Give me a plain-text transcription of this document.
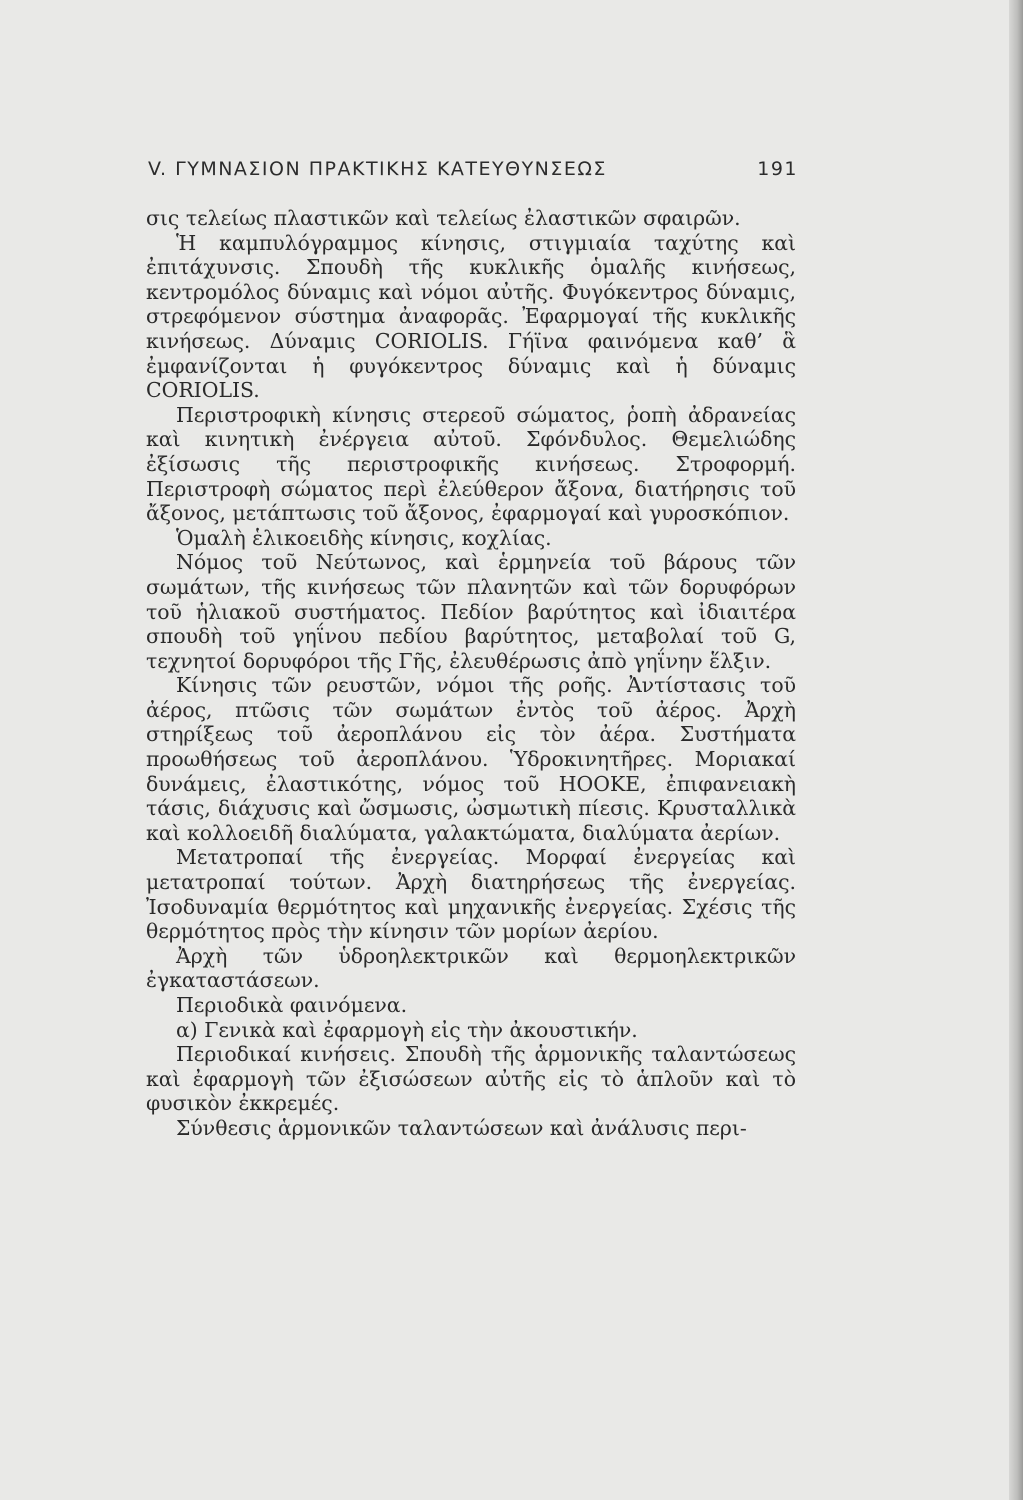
V. ΓΥΜΝΑΣΙΟΝ ΠΡΑΚΤΙΚΗΣ ΚΑΤΕΥΘΥΝΣΕΩΣ	191

σις τελείως πλαστικῶν καὶ τελείως ἐλαστικῶν σφαιρῶν.

Ἡ καμπυλόγραμμος κίνησις, στιγμιαία ταχύτης καὶ ἐπιτάχυνσις. Σπουδὴ τῆς κυκλικῆς ὁμαλῆς κινήσεως, κεντρομόλος δύναμις καὶ νόμοι αὐτῆς. Φυγόκεντρος δύναμις, στρεφόμενον σύστημα ἀναφορᾶς. Ἐφαρμογαί τῆς κυκλικῆς κινήσεως. Δύναμις CORIOLIS. Γήϊνα φαινόμενα καθ’ ἃ ἐμφανίζονται ἡ φυγόκεντρος δύναμις καὶ ἡ δύναμις CORIOLIS.

Περιστροφικὴ κίνησις στερεοῦ σώματος, ῥοπὴ ἀδρανείας καὶ κινητικὴ ἐνέργεια αὐτοῦ. Σφόνδυλος. Θεμελιώδης ἐξίσωσις τῆς περιστροφικῆς κινήσεως. Στροφορμή. Περιστροφὴ σώματος περὶ ἐλεύθερον ἄξονα, διατήρησις τοῦ ἄξονος, μετάπτωσις τοῦ ἄξονος, ἐφαρμογαί καὶ γυροσκόπιον.

Ὁμαλὴ ἑλικοειδὴς κίνησις, κοχλίας.

Νόμος τοῦ Νεύτωνος, καὶ ἑρμηνεία τοῦ βάρους τῶν σωμάτων, τῆς κινήσεως τῶν πλανητῶν καὶ τῶν δορυφόρων τοῦ ἡλιακοῦ συστήματος. Πεδίον βαρύτητος καὶ ἰδιαιτέρα σπουδὴ τοῦ γηΐνου πεδίου βαρύτητος, μεταβολαί τοῦ G, τεχνητοί δορυφόροι τῆς Γῆς, ἐλευθέρωσις ἀπὸ γηΐνην ἕλξιν.

Κίνησις τῶν ρευστῶν, νόμοι τῆς ροῆς. Ἀντίστασις τοῦ ἀέρος, πτῶσις τῶν σωμάτων ἐντὸς τοῦ ἀέρος. Ἀρχὴ στηρίξεως τοῦ ἀεροπλάνου εἰς τὸν ἀέρα. Συστήματα προωθήσεως τοῦ ἀεροπλάνου. Ὑδροκινητῆρες. Μοριακαί δυνάμεις, ἐλαστικότης, νόμος τοῦ HOOKE, ἐπιφανειακὴ τάσις, διάχυσις καὶ ὤσμωσις, ὠσμωτικὴ πίεσις. Κρυσταλλικὰ καὶ κολλοειδῆ διαλύματα, γαλακτώματα, διαλύματα ἀερίων.

Μετατροπαί τῆς ἐνεργείας. Μορφαί ἐνεργείας καὶ μετατροπαί τούτων. Ἀρχὴ διατηρήσεως τῆς ἐνεργείας. Ἰσοδυναμία θερμότητος καὶ μηχανικῆς ἐνεργείας. Σχέσις τῆς θερμότητος πρὸς τὴν κίνησιν τῶν μορίων ἀερίου.

Ἀρχὴ τῶν ὑδροηλεκτρικῶν καὶ θερμοηλεκτρικῶν ἐγκαταστάσεων.

Περιοδικὰ φαινόμενα.

α) Γενικὰ καὶ ἐφαρμογὴ εἰς τὴν ἀκουστικήν.

Περιοδικαί κινήσεις. Σπουδὴ τῆς ἁρμονικῆς ταλαντώσεως καὶ ἐφαρμογὴ τῶν ἐξισώσεων αὐτῆς εἰς τὸ ἁπλοῦν καὶ τὸ φυσικὸν ἐκκρεμές.

Σύνθεσις ἁρμονικῶν ταλαντώσεων καὶ ἀνάλυσις περι-
